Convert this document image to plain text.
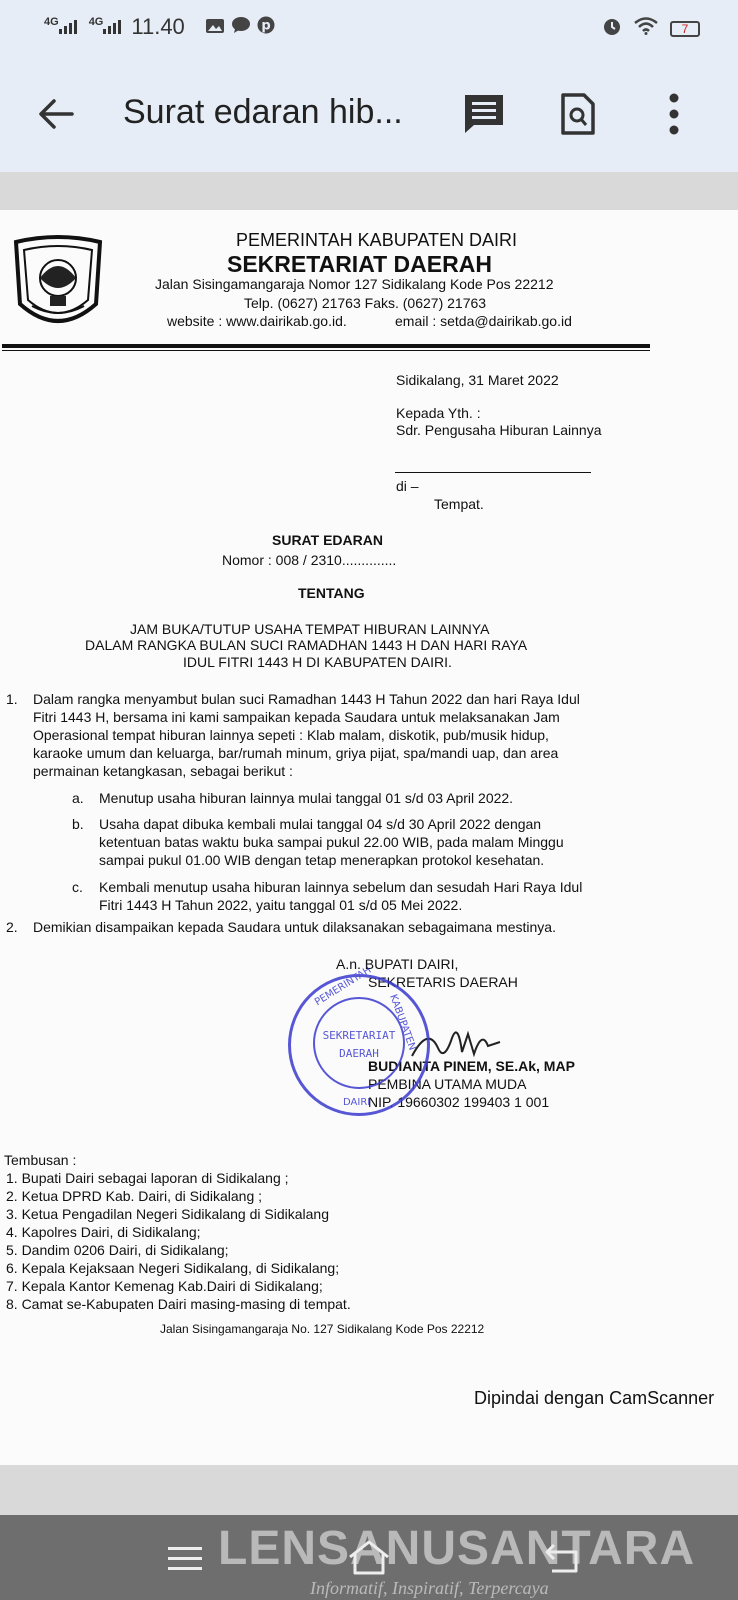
4G	4G 11.40	p	7
Surat edaran hib...
PEMERINTAH KABUPATEN DAIRI
SEKRETARIAT DAERAH
Jalan Sisingamangaraja Nomor 127 Sidikalang Kode Pos 22212
Telp. (0627) 21763 Faks. (0627) 21763
website : www.dairikab.go.id.	email : setda@dairikab.go.id
Sidikalang, 31 Maret 2022
Kepada Yth. :
Sdr. Pengusaha Hiburan Lainnya
di –
Tempat.
SURAT EDARAN
Nomor : 008 / 2310..............
TENTANG
JAM BUKA/TUTUP USAHA TEMPAT HIBURAN LAINNYA
DALAM RANGKA BULAN SUCI RAMADHAN 1443 H DAN HARI RAYA
IDUL FITRI 1443 H DI KABUPATEN DAIRI.
1. Dalam rangka menyambut bulan suci Ramadhan 1443 H Tahun 2022 dan hari Raya Idul
Fitri 1443 H, bersama ini kami sampaikan kepada Saudara untuk melaksanakan Jam
Operasional tempat hiburan lainnya sepeti : Klab malam, diskotik, pub/musik hidup,
karaoke umum dan keluarga, bar/rumah minum, griya pijat, spa/mandi uap, dan area
permainan ketangkasan, sebagai berikut :
a. Menutup usaha hiburan lainnya mulai tanggal 01 s/d 03 April 2022.
b. Usaha dapat dibuka kembali mulai tanggal 04 s/d 30 April 2022 dengan
ketentuan batas waktu buka sampai pukul 22.00 WIB, pada malam Minggu
sampai pukul 01.00 WIB dengan tetap menerapkan protokol kesehatan.
c. Kembali menutup usaha hiburan lainnya sebelum dan sesudah Hari Raya Idul
Fitri 1443 H Tahun 2022, yaitu tanggal 01 s/d 05 Mei 2022.
2. Demikian disampaikan kepada Saudara untuk dilaksanakan sebagaimana mestinya.
A.n. BUPATI DAIRI,
SEKRETARIS DAERAH
BUDIANTA PINEM, SE.Ak, MAP
PEMBINA UTAMA MUDA
NIP. 19660302 199403 1 001
Tembusan :
1. Bupati Dairi sebagai laporan di Sidikalang ;
2. Ketua DPRD Kab. Dairi, di Sidikalang ;
3. Ketua Pengadilan Negeri Sidikalang di Sidikalang
4. Kapolres Dairi, di Sidikalang;
5. Dandim 0206 Dairi, di Sidikalang;
6. Kepala Kejaksaan Negeri Sidikalang, di Sidikalang;
7. Kepala Kantor Kemenag Kab.Dairi di Sidikalang;
8. Camat se-Kabupaten Dairi masing-masing di tempat.
Jalan Sisingamangaraja No. 127 Sidikalang Kode Pos 22212
Dipindai dengan CamScanner
SEKRETARIAT
DAERAH
PEMERINTAH
KABUPATEN
DAIRI
LENSANUSANTARA
Informatif, Inspiratif, Terpercaya
